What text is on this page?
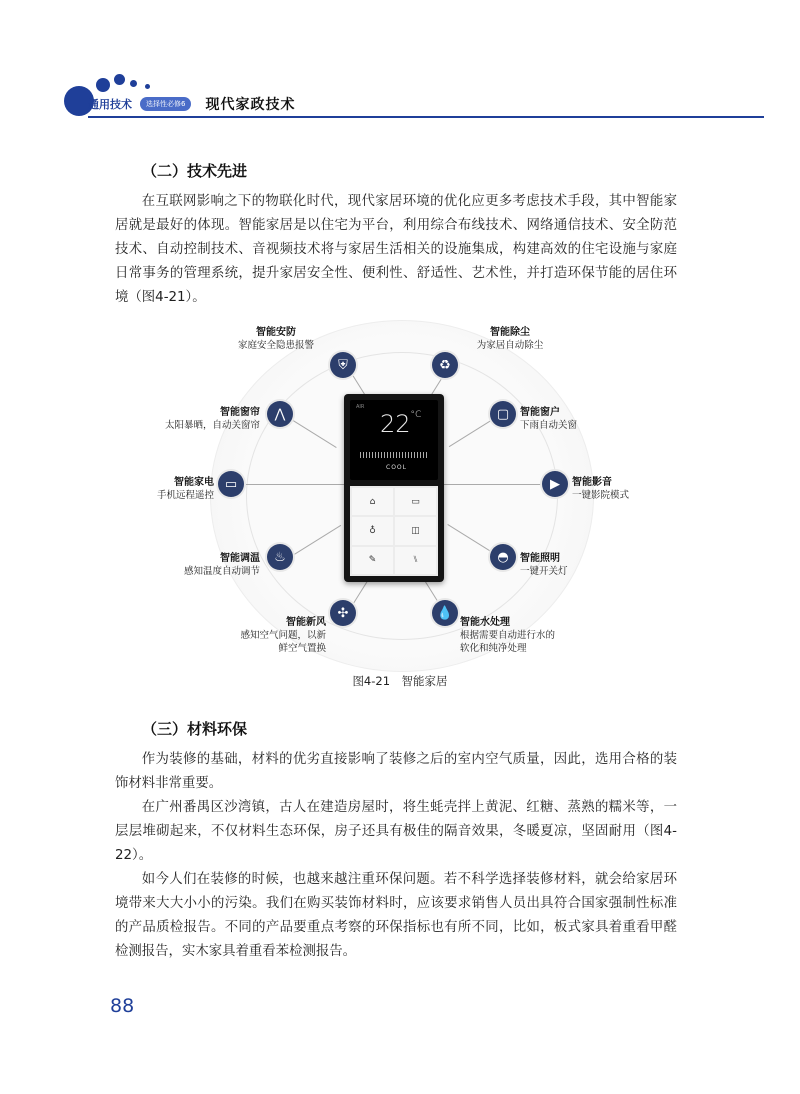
通用技术	选择性必修6	现代家政技术
（二）技术先进

在互联网影响之下的物联化时代，现代家居环境的优化应更多考虑技术手段，其中智能家居就是最好的体现。智能家居是以住宅为平台，利用综合布线技术、网络通信技术、安全防范技术、自动控制技术、音视频技术将与家居生活相关的设施集成，构建高效的住宅设施与家庭日常事务的管理系统，提升家居安全性、便利性、舒适性、艺术性，并打造环保节能的居住环境（图4-21）。

⛨	♻
⋀	▢
▭	▶
♨	◓
✣	💧
智能安防
家庭安全隐患报警
智能除尘
为家居自动除尘
智能窗帘
太阳暴晒，自动关窗帘
智能窗户
下雨自动关窗
智能家电
手机远程遥控
智能影音
一键影院模式
智能调温
感知温度自动调节
智能照明
一键开关灯
智能新风
感知空气问题，以新
鲜空气置换
智能水处理
根据需要自动进行水的
软化和纯净处理
AIR
$22^{^\circ C}$
COOL
⌂	▭
♁	◫
✎	⑊
图4-21　智能家居
（三）材料环保

作为装修的基础，材料的优劣直接影响了装修之后的室内空气质量，因此，选用合格的装饰材料非常重要。

在广州番禺区沙湾镇，古人在建造房屋时，将生蚝壳拌上黄泥、红糖、蒸熟的糯米等，一层层堆砌起来，不仅材料生态环保，房子还具有极佳的隔音效果，冬暖夏凉，坚固耐用（图4-22）。

如今人们在装修的时候，也越来越注重环保问题。若不科学选择装修材料，就会给家居环境带来大大小小的污染。我们在购买装饰材料时，应该要求销售人员出具符合国家强制性标准的产品质检报告。不同的产品要重点考察的环保指标也有所不同，比如，板式家具着重看甲醛检测报告，实木家具着重看苯检测报告。

88
